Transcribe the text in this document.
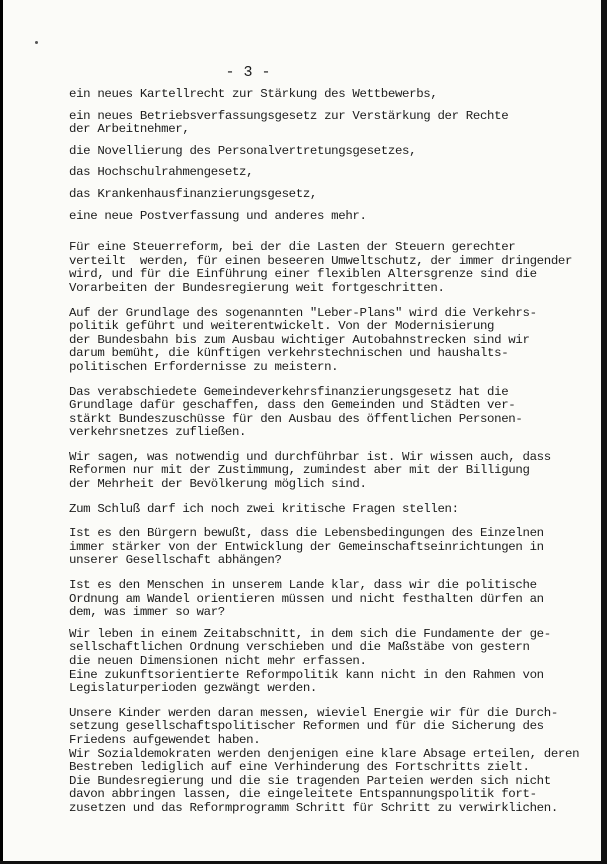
- 3 -

ein neues Kartellrecht zur Stärkung des Wettbewerbs,

ein neues Betriebsverfassungsgesetz zur Verstärkung der Rechte
der Arbeitnehmer,

die Novellierung des Personalvertretungsgesetzes,

das Hochschulrahmengesetz,

das Krankenhausfinanzierungsgesetz,

eine neue Postverfassung und anderes mehr.

Für eine Steuerreform, bei der die Lasten der Steuern gerechter
verteilt  werden, für einen beseeren Umweltschutz, der immer dringender
wird, und für die Einführung einer flexiblen Altersgrenze sind die
Vorarbeiten der Bundesregierung weit fortgeschritten.

Auf der Grundlage des sogenannten "Leber-Plans" wird die Verkehrs-
politik geführt und weiterentwickelt. Von der Modernisierung
der Bundesbahn bis zum Ausbau wichtiger Autobahnstrecken sind wir
darum bemüht, die künftigen verkehrstechnischen und haushalts-
politischen Erfordernisse zu meistern.

Das verabschiedete Gemeindeverkehrsfinanzierungsgesetz hat die
Grundlage dafür geschaffen, dass den Gemeinden und Städten ver-
stärkt Bundeszuschüsse für den Ausbau des öffentlichen Personen-
verkehrsnetzes zufließen.

Wir sagen, was notwendig und durchführbar ist. Wir wissen auch, dass
Reformen nur mit der Zustimmung, zumindest aber mit der Billigung
der Mehrheit der Bevölkerung möglich sind.

Zum Schluß darf ich noch zwei kritische Fragen stellen:

Ist es den Bürgern bewußt, dass die Lebensbedingungen des Einzelnen
immer stärker von der Entwicklung der Gemeinschaftseinrichtungen in
unserer Gesellschaft abhängen?

Ist es den Menschen in unserem Lande klar, dass wir die politische
Ordnung am Wandel orientieren müssen und nicht festhalten dürfen an
dem, was immer so war?

Wir leben in einem Zeitabschnitt, in dem sich die Fundamente der ge-
sellschaftlichen Ordnung verschieben und die Maßstäbe von gestern
die neuen Dimensionen nicht mehr erfassen.
Eine zukunftsorientierte Reformpolitik kann nicht in den Rahmen von
Legislaturperioden gezwängt werden.

Unsere Kinder werden daran messen, wieviel Energie wir für die Durch-
setzung gesellschaftspolitischer Reformen und für die Sicherung des
Friedens aufgewendet haben.
Wir Sozialdemokraten werden denjenigen eine klare Absage erteilen, deren
Bestreben lediglich auf eine Verhinderung des Fortschritts zielt.
Die Bundesregierung und die sie tragenden Parteien werden sich nicht
davon abbringen lassen, die eingeleitete Entspannungspolitik fort-
zusetzen und das Reformprogramm Schritt für Schritt zu verwirklichen.
